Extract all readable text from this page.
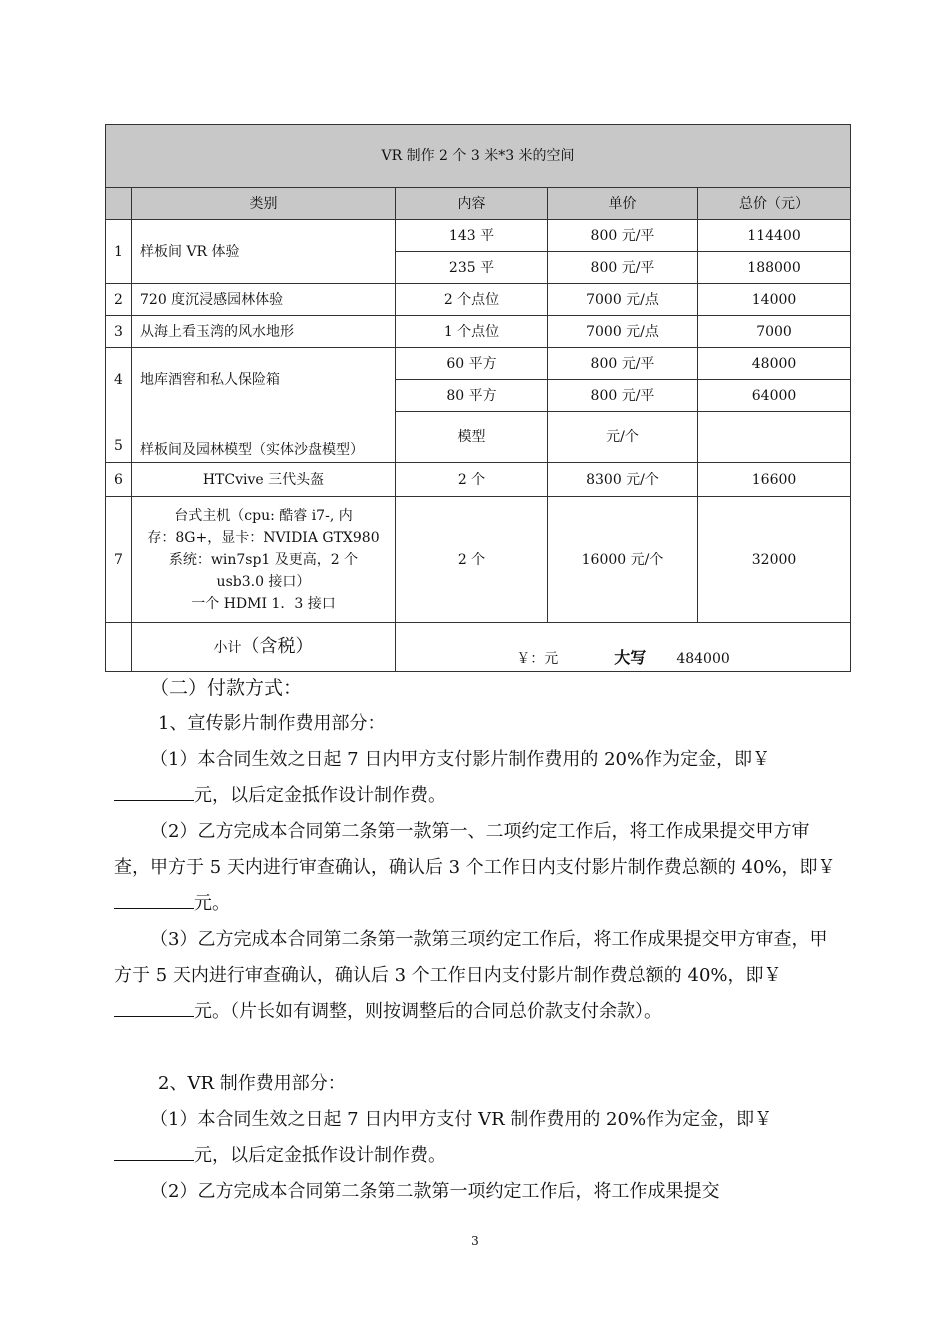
VR 制作 2 个 3 米*3 米的空间				
	类别	内容	单价	总价（元）
1	样板间 VR 体验	143 平	800 元/平	114400
		235 平	800 元/平	188000
2	720 度沉浸感园林体验	2 个点位	7000 元/点	14000
3	从海上看玉湾的风水地形	1 个点位	7000 元/点	7000
4	地库酒窖和私人保险箱	60 平方	800 元/平	48000
		80 平方	800 元/平	64000
5	样板间及园林模型（实体沙盘模型）	模型	元/个	
6	HTCvive 三代头盔	2 个	8300 元/个	16600
7	台式主机（cpu: 酷睿 i7-, 内
存：8G+，显卡：NVIDIA GTX980
系统：win7sp1 及更高，2 个
usb3.0 接口）
一个 HDMI 1．3 接口	2 个	16000 元/个	32000
	小计（含税）	￥：元 大写 484000		

（二）付款方式：

1、宣传影片制作费用部分：

（1）本合同生效之日起 7 日内甲方支付影片制作费用的 20%作为定金，即￥元，以后定金抵作设计制作费。

（2）乙方完成本合同第二条第一款第一、二项约定工作后，将工作成果提交甲方审查，甲方于 5 天内进行审查确认，确认后 3 个工作日内支付影片制作费总额的 40%，即￥元。

（3）乙方完成本合同第二条第一款第三项约定工作后，将工作成果提交甲方审查，甲方于 5 天内进行审查确认，确认后 3 个工作日内支付影片制作费总额的 40%，即￥元。（片长如有调整，则按调整后的合同总价款支付余款）。

2、VR 制作费用部分：

（1）本合同生效之日起 7 日内甲方支付 VR 制作费用的 20%作为定金，即￥元，以后定金抵作设计制作费。

（2）乙方完成本合同第二条第二款第一项约定工作后，将工作成果提交

3
